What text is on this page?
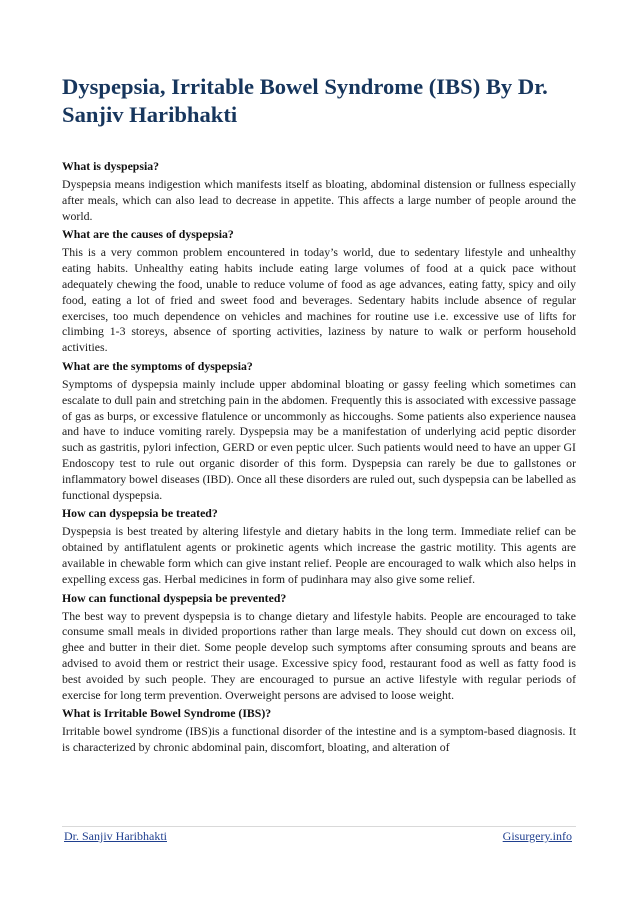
Dyspepsia, Irritable Bowel Syndrome (IBS) By Dr. Sanjiv Haribhakti
What is dyspepsia?

Dyspepsia means indigestion which manifests itself as bloating, abdominal distension or fullness especially after meals, which can also lead to decrease in appetite. This affects a large number of people around the world.

What are the causes of dyspepsia?

This is a very common problem encountered in today’s world, due to sedentary lifestyle and unhealthy eating habits. Unhealthy eating habits include eating large volumes of food at a quick pace without adequately chewing the food, unable to reduce volume of food as age advances, eating fatty, spicy and oily food, eating a lot of fried and sweet food and beverages. Sedentary habits include absence of regular exercises, too much dependence on vehicles and machines for routine use i.e. excessive use of lifts for climbing 1-3 storeys, absence of sporting activities, laziness by nature to walk or perform household activities.

What are the symptoms of dyspepsia?

Symptoms of dyspepsia mainly include upper abdominal bloating or gassy feeling which sometimes can escalate to dull pain and stretching pain in the abdomen. Frequently this is associated with excessive passage of gas as burps, or excessive flatulence or uncommonly as hiccoughs. Some patients also experience nausea and have to induce vomiting rarely. Dyspepsia may be a manifestation of underlying acid peptic disorder such as gastritis, pylori infection, GERD or even peptic ulcer. Such patients would need to have an upper GI Endoscopy test to rule out organic disorder of this form. Dyspepsia can rarely be due to gallstones or inflammatory bowel diseases (IBD). Once all these disorders are ruled out, such dyspepsia can be labelled as functional dyspepsia.

How can dyspepsia be treated?

Dyspepsia is best treated by altering lifestyle and dietary habits in the long term. Immediate relief can be obtained by antiflatulent agents or prokinetic agents which increase the gastric motility. This agents are available in chewable form which can give instant relief. People are encouraged to walk which also helps in expelling excess gas. Herbal medicines in form of pudinhara may also give some relief.

How can functional dyspepsia be prevented?

The best way to prevent dyspepsia is to change dietary and lifestyle habits. People are encouraged to take consume small meals in divided proportions rather than large meals. They should cut down on excess oil, ghee and butter in their diet. Some people develop such symptoms after consuming sprouts and beans are advised to avoid them or restrict their usage. Excessive spicy food, restaurant food as well as fatty food is best avoided by such people. They are encouraged to pursue an active lifestyle with regular periods of exercise for long term prevention. Overweight persons are advised to loose weight.

What is Irritable Bowel Syndrome (IBS)?

Irritable bowel syndrome (IBS)is a functional disorder of the intestine and is a symptom-based diagnosis. It is characterized by chronic abdominal pain, discomfort, bloating, and alteration of

Dr. Sanjiv Haribhakti	Gisurgery.info
